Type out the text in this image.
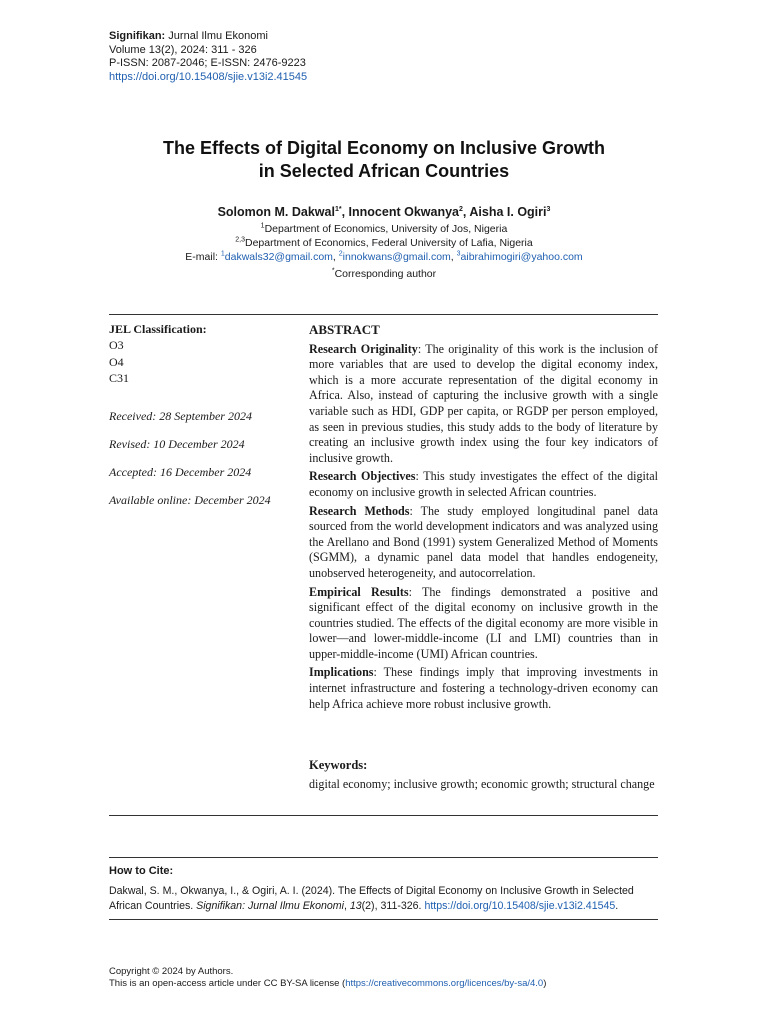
Signifikan: Jurnal Ilmu Ekonomi
Volume 13(2), 2024: 311 - 326
P-ISSN: 2087-2046; E-ISSN: 2476-9223
https://doi.org/10.15408/sjie.v13i2.41545
The Effects of Digital Economy on Inclusive Growth
in Selected African Countries
Solomon M. Dakwal$^{1*}$, Innocent Okwanya$^2$, Aisha I. Ogiri$^3$
$^1$Department of Economics, University of Jos, Nigeria
$^{2,3}$Department of Economics, Federal University of Lafia, Nigeria
E-mail: $^1$dakwals32@gmail.com, $^2$innokwans@gmail.com, $^3$aibrahimogiri@yahoo.com
*Corresponding author
JEL Classification:
O3
O4
C31
Received: 28 September 2024
Revised: 10 December 2024
Accepted: 16 December 2024
Available online: December 2024
ABSTRACT

Research Originality: The originality of this work is the inclusion of more variables that are used to develop the digital economy index, which is a more accurate representation of the digital economy in Africa. Also, instead of capturing the inclusive growth with a single variable such as HDI, GDP per capita, or RGDP per person employed, as seen in previous studies, this study adds to the body of literature by creating an inclusive growth index using the four key indicators of inclusive growth.

Research Objectives: This study investigates the effect of the digital economy on inclusive growth in selected African countries.

Research Methods: The study employed longitudinal panel data sourced from the world development indicators and was analyzed using the Arellano and Bond (1991) system Generalized Method of Moments (SGMM), a dynamic panel data model that handles endogeneity, unobserved heterogeneity, and autocorrelation.

Empirical Results: The findings demonstrated a positive and significant effect of the digital economy on inclusive growth in the countries studied. The effects of the digital economy are more visible in lower—and lower-middle-income (LI and LMI) countries than in upper-middle-income (UMI) African countries.

Implications: These findings imply that improving investments in internet infrastructure and fostering a technology-driven economy can help Africa achieve more robust inclusive growth.

Keywords:
digital economy; inclusive growth; economic growth; structural change
How to Cite:
Dakwal, S. M., Okwanya, I., & Ogiri, A. I. (2024). The Effects of Digital Economy on Inclusive Growth in Selected African Countries. Signifikan: Jurnal Ilmu Ekonomi, 13(2), 311-326. https://doi.org/10.15408/sjie.v13i2.41545.
Copyright © 2024 by Authors.
This is an open-access article under CC BY-SA license (https://creativecommons.org/licences/by-sa/4.0)
